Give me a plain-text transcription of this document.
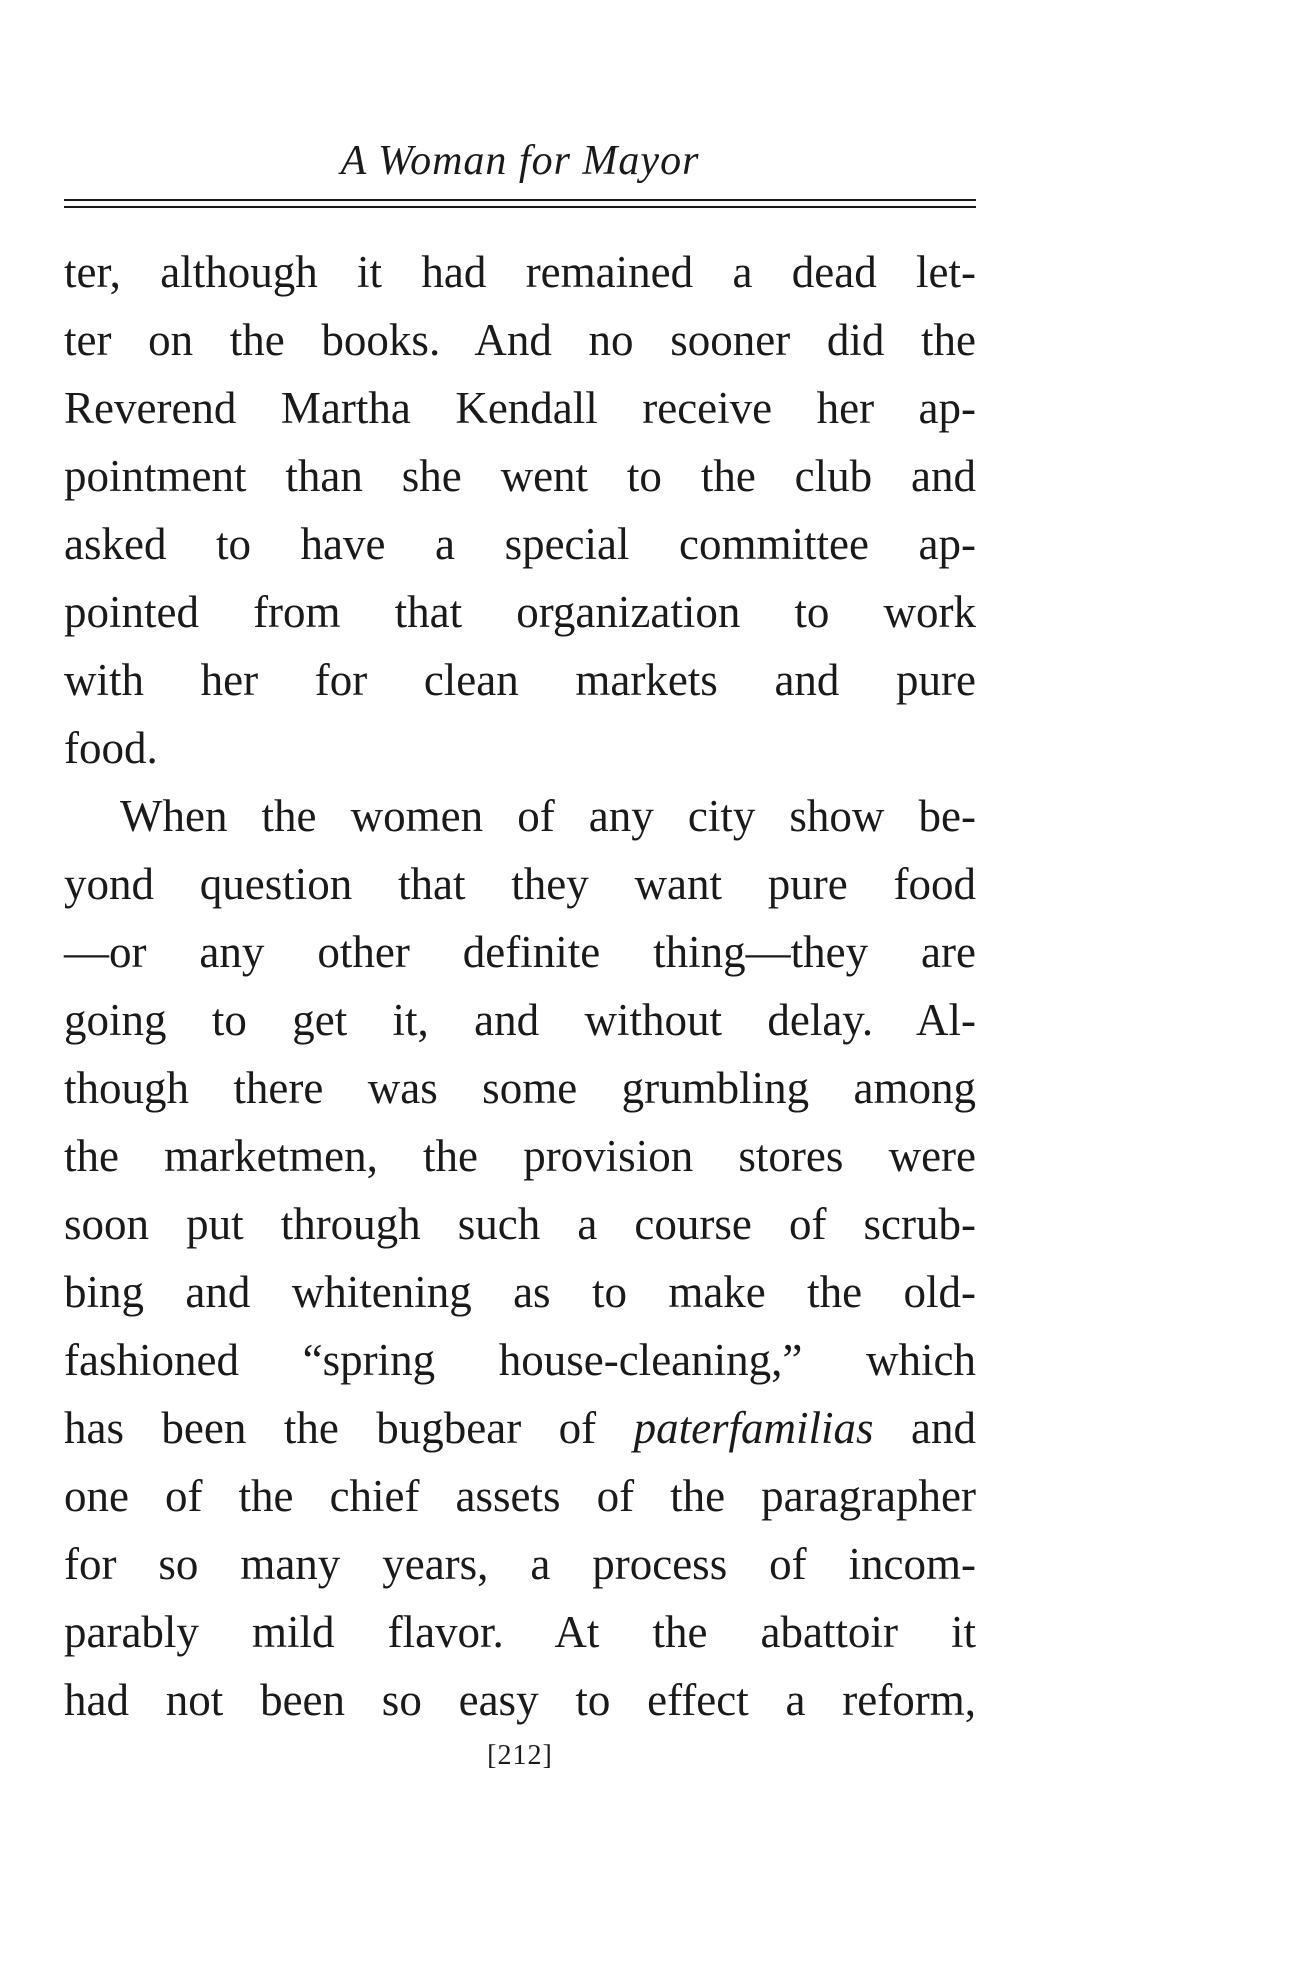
A Woman for Mayor
ter, although it had remained a dead let-
ter on the books. And no sooner did the
Reverend Martha Kendall receive her ap-
pointment than she went to the club and
asked to have a special committee ap-
pointed from that organization to work
with her for clean markets and pure
food.
When the women of any city show be-
yond question that they want pure food
—or any other definite thing—they are
going to get it, and without delay. Al-
though there was some grumbling among
the marketmen, the provision stores were
soon put through such a course of scrub-
bing and whitening as to make the old-
fashioned “spring house-cleaning,” which
has been the bugbear of paterfamilias and
one of the chief assets of the paragrapher
for so many years, a process of incom-
parably mild flavor. At the abattoir it
had not been so easy to effect a reform,
[212]
